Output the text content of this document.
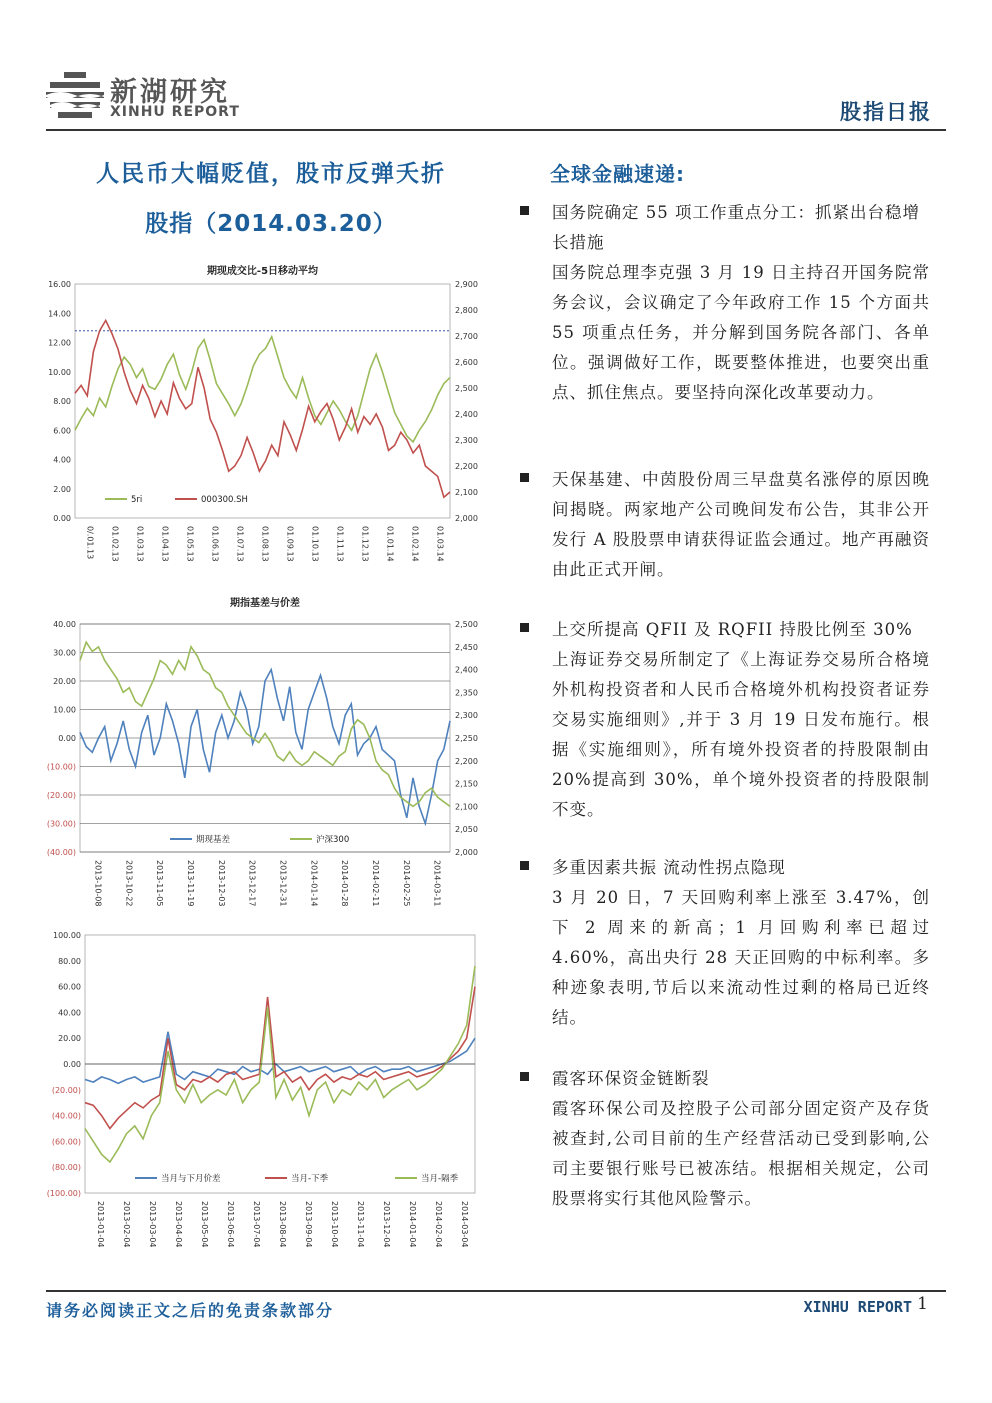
新湖研究
XINHU REPORT	股指日报
人民币大幅贬值，股市反弹夭折
股指（2014.03.20）
期现成交比-5日移动平均
0.00
2.00
4.00
6.00
8.00
10.00
12.00
14.00
16.00
2,000
2,100
2,200
2,300
2,400
2,500
2,600
2,700
2,800
2,900
0/.01.13 01.02.13 01.03.13 01.04.13 01.05.13 01.06.13 01.07.13 01.08.13 01.09.13 01.10.13 01.11.13 01.12.13 01.01.14 01.02.14 01.03.14
5ri	000300.SH
期指基差与价差
(40.00)
(30.00)
(20.00)
(10.00)
0.00
10.00
20.00
30.00
40.00
2,000
2,050
2,100
2,150
2,200
2,250
2,300
2,350
2,400
2,450
2,500
2013-10-08	2013-10-22	2013-11-05	2013-11-19	2013-12-03	2013-12-17	2013-12-31	2014-01-14	2014-01-28	2014-02-11	2014-02-25	2014-03-11
期现基差	沪深300
(100.00)
(80.00)
(60.00)
(40.00)
(20.00)
0.00
20.00
40.00
60.00
80.00
100.00
2013-01-04 2013-02-04 2013-03-04 2013-04-04 2013-05-04 2013-06-04 2013-07-04 2013-08-04 2013-09-04 2013-10-04 2013-11-04 2013-12-04 2014-01-04 2014-02-04 2014-03-04
当月与下月价差	当月-下季	当月-隔季
全球金融速递:
国务院确定 55 项工作重点分工：抓紧出台稳增长措施
国务院总理李克强 3 月 19 日主持召开国务院常务会议，会议确定了今年政府工作 15 个方面共 55 项重点任务，并分解到国务院各部门、各单位。强调做好工作，既要整体推进，也要突出重点、抓住焦点。要坚持向深化改革要动力。
天保基建、中茵股份周三早盘莫名涨停的原因晚间揭晓。两家地产公司晚间发布公告，其非公开发行 A 股股票申请获得证监会通过。地产再融资由此正式开闸。
上交所提高 QFII 及 RQFII 持股比例至 30%
上海证券交易所制定了《上海证券交易所合格境外机构投资者和人民币合格境外机构投资者证券交易实施细则》,并于 3 月 19 日发布施行。根据《实施细则》，所有境外投资者的持股限制由 20%提高到 30%，单个境外投资者的持股限制不变。
多重因素共振 流动性拐点隐现
3 月 20 日，7 天回购利率上涨至 3.47%，创下 2 周来的新高；1 月回购利率已超过 4.60%，高出央行 28 天正回购的中标利率。多种迹象表明,节后以来流动性过剩的格局已近终结。
霞客环保资金链断裂
霞客环保公司及控股子公司部分固定资产及存货被查封,公司目前的生产经营活动已受到影响,公司主要银行账号已被冻结。根据相关规定，公司股票将实行其他风险警示。
请务必阅读正文之后的免责条款部分	XINHU REPORT 1
